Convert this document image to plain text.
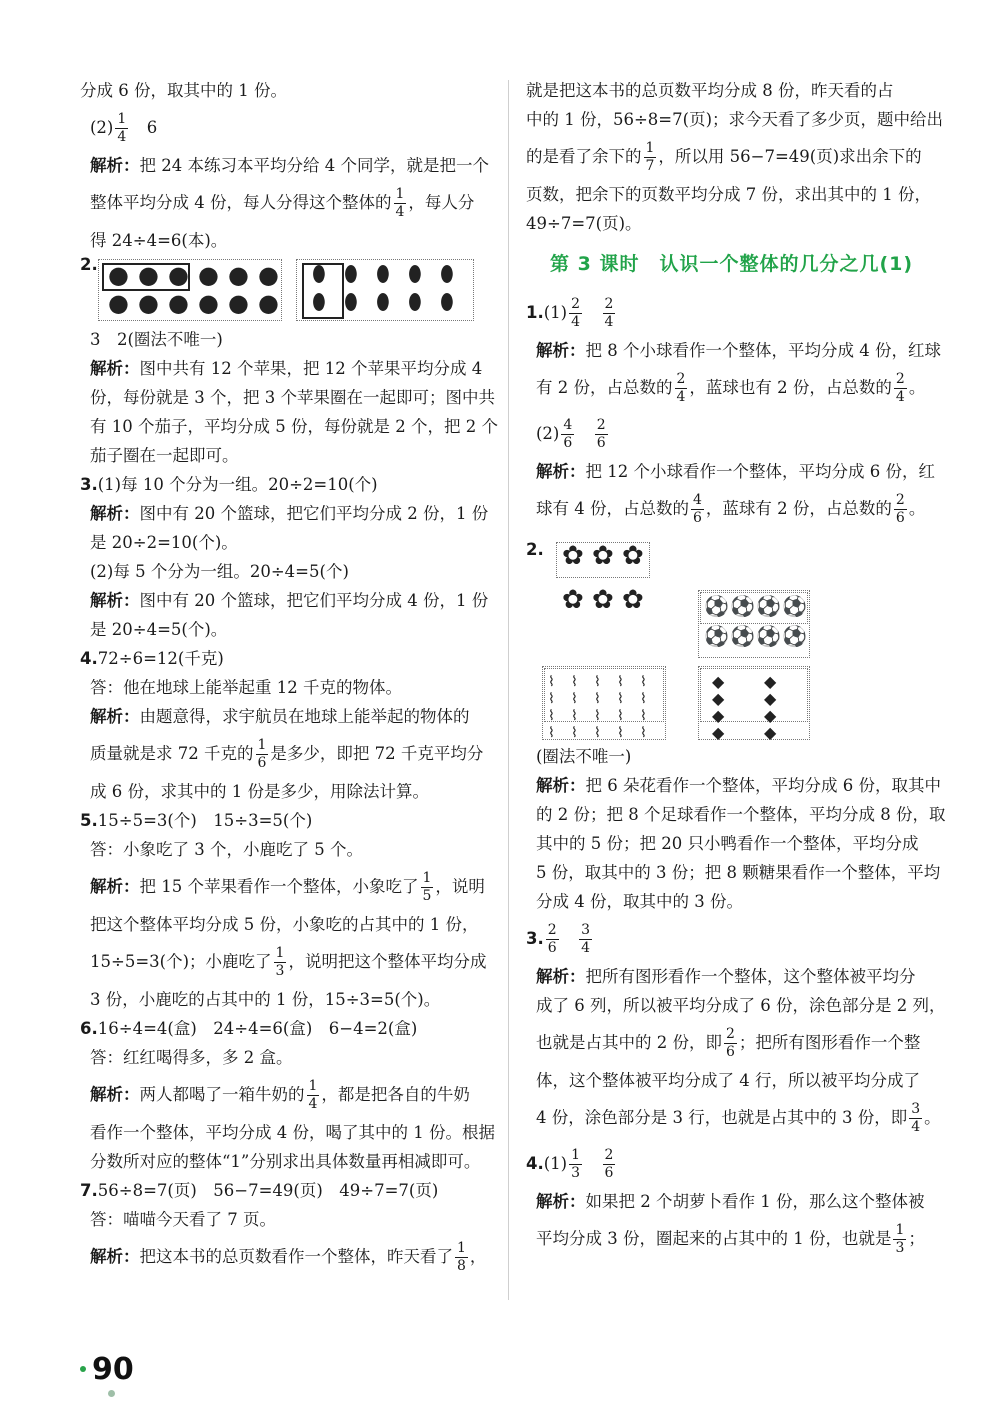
分成 6 份，取其中的 1 份。
$(2) \frac{1}{4}$
　 6
解析：把 24 本练习本平均分给 4 个同学，就是把一个
整体平均分成 4 份，每人分得这个整体的 $\frac{1}{4}$ ，每人分
得 24÷4=6(本)。
2. ● ● ● ● ● ●
● ● ● ● ● ●
⬮ ⬮ ⬮ ⬮ ⬮
⬮ ⬮ ⬮ ⬮ ⬮
3　2(圈法不唯一)
解析：图中共有 12 个苹果，把 12 个苹果平均分成 4
份，每份就是 3 个，把 3 个苹果圈在一起即可；图中共
有 10 个茄子，平均分成 5 份，每份就是 2 个，把 2 个
茄子圈在一起即可。
3.(1)每 10 个分为一组。20÷2=10(个)
解析：图中有 20 个篮球，把它们平均分成 2 份，1 份
是 20÷2=10(个)。
(2)每 5 个分为一组。20÷4=5(个)
解析：图中有 20 个篮球，把它们平均分成 4 份，1 份
是 20÷4=5(个)。
4.72÷6=12(千克)
答：他在地球上能举起重 12 千克的物体。
解析：由题意得，求宇航员在地球上能举起的物体的
质量就是求 72 千克的 $\frac{1}{6}$ 是多少，即把 72 千克平均分
成 6 份，求其中的 1 份是多少，用除法计算。
5.15÷5=3(个)　15÷3=5(个)
答：小象吃了 3 个，小鹿吃了 5 个。
解析：把 15 个苹果看作一个整体，小象吃了 $\frac{1}{5}$ ，说明
把这个整体平均分成 5 份，小象吃的占其中的 1 份，
15÷5=3(个)；小鹿吃了 $\frac{1}{3}$ ，说明把这个整体平均分成
3 份，小鹿吃的占其中的 1 份，15÷3=5(个)。
6.16÷4=4(盒)　24÷4=6(盒)　6−4=2(盒)
答：红红喝得多，多 2 盒。
解析：两人都喝了一箱牛奶的 $\frac{1}{4}$ ，都是把各自的牛奶
看作一个整体，平均分成 4 份，喝了其中的 1 份。根据
分数所对应的整体“1”分别求出具体数量再相减即可。
7.56÷8=7(页)　56−7=49(页)　49÷7=7(页)
答：喵喵今天看了 7 页。
解析：把这本书的总页数看作一个整体，昨天看了 $\frac{1}{8}$ ，
就是把这本书的总页数平均分成 8 份，昨天看的占
中的 1 份，56÷8=7(页)；求今天看了多少页，题中给出
的是看了余下的 $\frac{1}{7}$ ，所以用 56−7=49(页)求出余下的
页数，把余下的页数平均分成 7 份，求出其中的 1 份，
49÷7=7(页)。
第 3 课时　认识一个整体的几分之几(1)
$1.(1) \frac{2}{4}$
　 $\frac{2}{4}$
解析：把 8 个小球看作一个整体，平均分成 4 份，红球
有 2 份，占总数的 $\frac{2}{4}$ ，蓝球也有 2 份，占总数的 $\frac{2}{4}$ 。
$(2) \frac{4}{6}$
　 $\frac{2}{6}$
解析：把 12 个小球看作一个整体，平均分成 6 份，红
球有 4 份，占总数的 $\frac{4}{6}$ ，蓝球有 2 份，占总数的 $\frac{2}{6}$ 。
2. ✿ ✿ ✿
✿ ✿ ✿	⚽ ⚽ ⚽ ⚽
⚽ ⚽ ⚽ ⚽
⌇ ⌇ ⌇ ⌇ ⌇
⌇ ⌇ ⌇ ⌇ ⌇
⌇ ⌇ ⌇ ⌇ ⌇
⌇ ⌇ ⌇ ⌇ ⌇
◆ ◆
◆ ◆
◆ ◆
◆ ◆
(圈法不唯一)
解析：把 6 朵花看作一个整体，平均分成 6 份，取其中
的 2 份；把 8 个足球看作一个整体，平均分成 8 份，取
其中的 5 份；把 20 只小鸭看作一个整体，平均分成
5 份，取其中的 3 份；把 8 颗糖果看作一个整体，平均
分成 4 份，取其中的 3 份。
3. $\frac{2}{6}$
　 $\frac{3}{4}$
解析：把所有图形看作一个整体，这个整体被平均分
成了 6 列，所以被平均分成了 6 份，涂色部分是 2 列，
也就是占其中的 2 份，即 $\frac{2}{6}$ ；把所有图形看作一个整
体，这个整体被平均分成了 4 行，所以被平均分成了
4 份，涂色部分是 3 行，也就是占其中的 3 份，即 $\frac{3}{4}$ 。
$4.(1) \frac{1}{3}$
　 $\frac{2}{6}$
解析：如果把 2 个胡萝卜看作 1 份，那么这个整体被
平均分成 3 份，圈起来的占其中的 1 份，也就是 $\frac{1}{3}$ ；
90
